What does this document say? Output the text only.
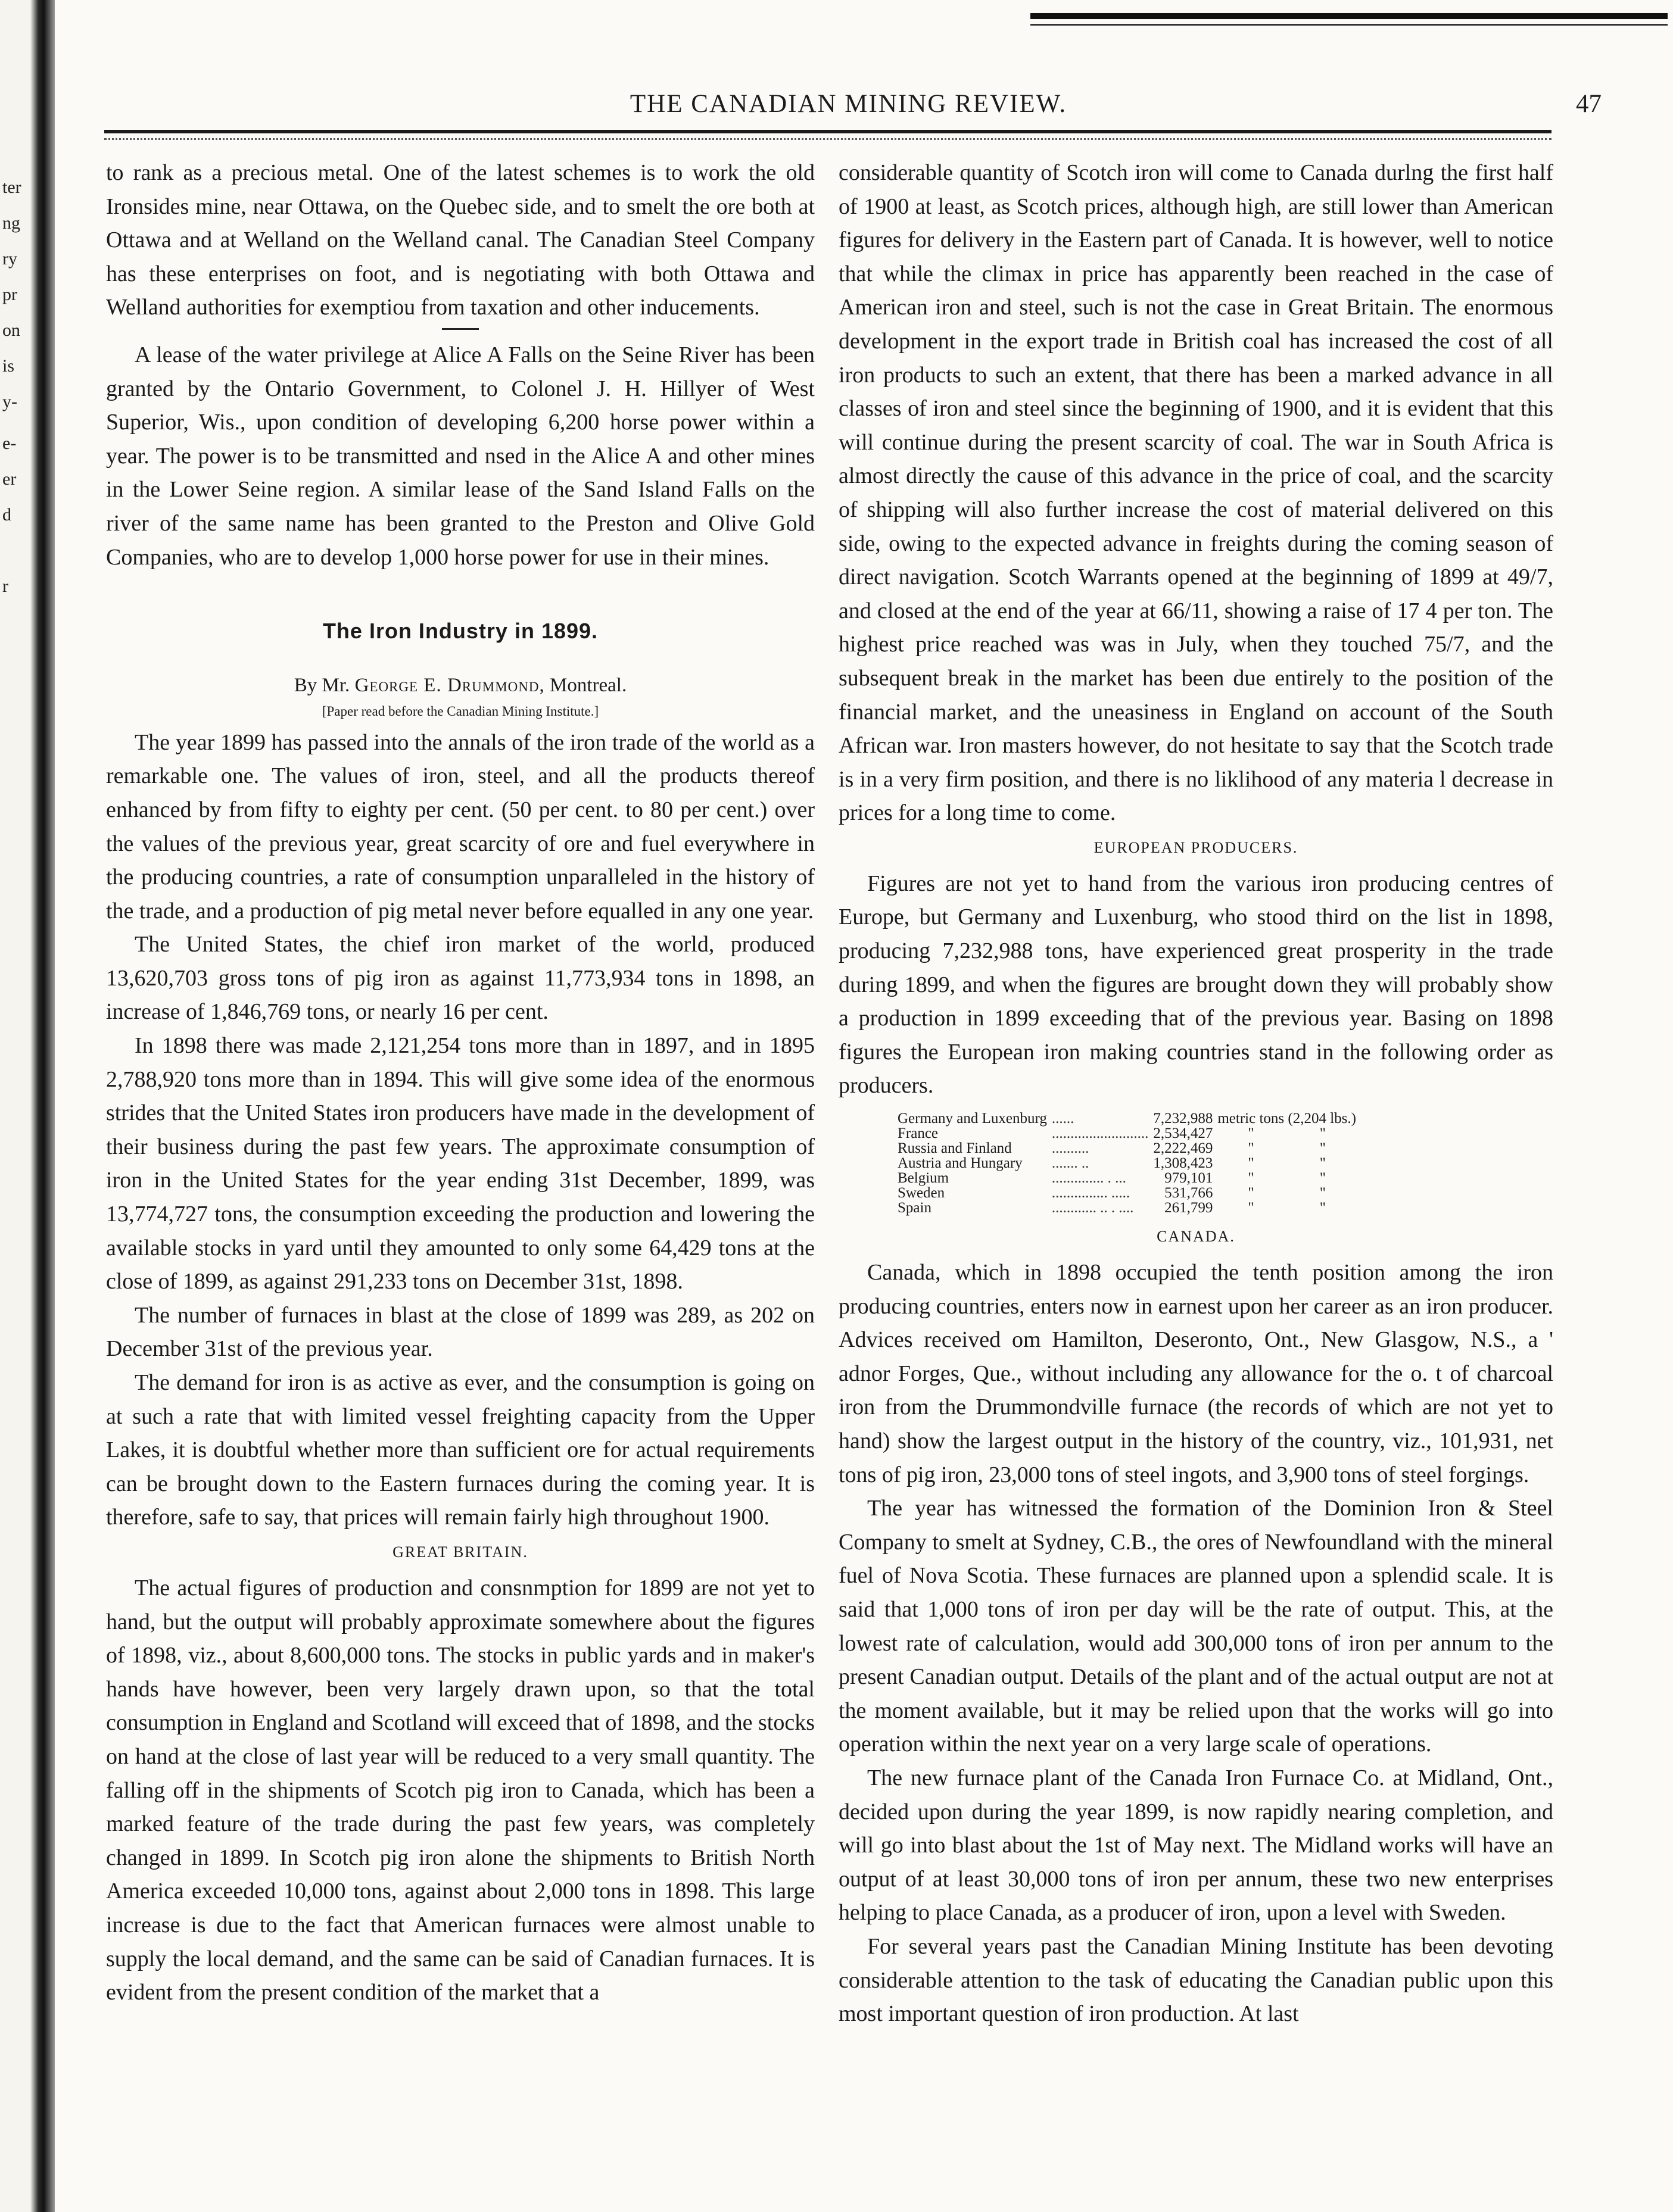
ter
ng
ry
pr
on
is
y-
e-
er
d
r
THE CANADIAN MINING REVIEW.	47

to rank as a precious metal. One of the latest schemes is to work the old Ironsides mine, near Ottawa, on the Quebec side, and to smelt the ore both at Ottawa and at Welland on the Welland canal. The Canadian Steel Company has these enterprises on foot, and is negotiating with both Ottawa and Welland authorities for exemptiou from taxation and other inducements.

A lease of the water privilege at Alice A Falls on the Seine River has been granted by the Ontario Government, to Colonel J. H. Hillyer of West Superior, Wis., upon condition of developing 6,200 horse power within a year. The power is to be transmitted and nsed in the Alice A and other mines in the Lower Seine region. A similar lease of the Sand Island Falls on the river of the same name has been granted to the Preston and Olive Gold Companies, who are to develop 1,000 horse power for use in their mines.

The Iron Industry in 1899.
By Mr. George E. Drummond, Montreal.
[Paper read before the Canadian Mining Institute.]

The year 1899 has passed into the annals of the iron trade of the world as a remarkable one. The values of iron, steel, and all the products thereof enhanced by from fifty to eighty per cent. (50 per cent. to 80 per cent.) over the values of the previous year, great scarcity of ore and fuel everywhere in the producing countries, a rate of consumption unparalleled in the history of the trade, and a production of pig metal never before equalled in any one year.

The United States, the chief iron market of the world, produced 13,620,703 gross tons of pig iron as against 11,773,934 tons in 1898, an increase of 1,846,769 tons, or nearly 16 per cent.

In 1898 there was made 2,121,254 tons more than in 1897, and in 1895 2,788,920 tons more than in 1894. This will give some idea of the enormous strides that the United States iron producers have made in the development of their business during the past few years. The approximate consumption of iron in the United States for the year ending 31st December, 1899, was 13,774,727 tons, the consumption exceeding the production and lowering the available stocks in yard until they amounted to only some 64,429 tons at the close of 1899, as against 291,233 tons on December 31st, 1898.

The number of furnaces in blast at the close of 1899 was 289, as 202 on December 31st of the previous year.

The demand for iron is as active as ever, and the consumption is going on at such a rate that with limited vessel freighting capacity from the Upper Lakes, it is doubtful whether more than sufficient ore for actual requirements can be brought down to the Eastern furnaces during the coming year. It is therefore, safe to say, that prices will remain fairly high throughout 1900.

GREAT BRITAIN.

The actual figures of production and consnmption for 1899 are not yet to hand, but the output will probably approximate somewhere about the figures of 1898, viz., about 8,600,000 tons. The stocks in public yards and in maker's hands have however, been very largely drawn upon, so that the total consumption in England and Scotland will exceed that of 1898, and the stocks on hand at the close of last year will be reduced to a very small quantity. The falling off in the shipments of Scotch pig iron to Canada, which has been a marked feature of the trade during the past few years, was completely changed in 1899. In Scotch pig iron alone the shipments to British North America exceeded 10,000 tons, against about 2,000 tons in 1898. This large increase is due to the fact that American furnaces were almost unable to supply the local demand, and the same can be said of Canadian furnaces. It is evident from the present condition of the market that a

considerable quantity of Scotch iron will come to Canada durlng the first half of 1900 at least, as Scotch prices, although high, are still lower than American figures for delivery in the Eastern part of Canada. It is however, well to notice that while the climax in price has apparently been reached in the case of American iron and steel, such is not the case in Great Britain. The enormous development in the export trade in British coal has increased the cost of all iron products to such an extent, that there has been a marked advance in all classes of iron and steel since the beginning of 1900, and it is evident that this will continue during the present scarcity of coal. The war in South Africa is almost directly the cause of this advance in the price of coal, and the scarcity of shipping will also further increase the cost of material delivered on this side, owing to the expected advance in freights during the coming season of direct navigation. Scotch Warrants opened at the beginning of 1899 at 49/7, and closed at the end of the year at 66/11, showing a raise of 17 4 per ton. The highest price reached was was in July, when they touched 75/7, and the subsequent break in the market has been due entirely to the position of the financial market, and the uneasiness in England on account of the South African war. Iron masters however, do not hesitate to say that the Scotch trade is in a very firm position, and there is no liklihood of any materia l decrease in prices for a long time to come.

EUROPEAN PRODUCERS.

Figures are not yet to hand from the various iron producing centres of Europe, but Germany and Luxenburg, who stood third on the list in 1898, producing 7,232,988 tons, have experienced great prosperity in the trade during 1899, and when the figures are brought down they will probably show a production in 1899 exceeding that of the previous year. Basing on 1898 figures the European iron making countries stand in the following order as producers.

Germany and Luxenburg	......	7,232,988	metric tons (2,204 lbs.)	
France	..........................	2,534,427	"	"
Russia and Finland	..........	2,222,469	"	"
Austria and Hungary	....... ..	1,308,423	"	"
Belgium	.............. . ...	979,101	"	"
Sweden	............... .....	531,766	"	"
Spain	............ .. . ....	261,799	"	"
CANADA.

Canada, which in 1898 occupied the tenth position among the iron producing countries, enters now in earnest upon her career as an iron producer. Advices received om Hamilton, Deseronto, Ont., New Glasgow, N.S., a ' adnor Forges, Que., without including any allowance for the o. t of charcoal iron from the Drummondville furnace (the records of which are not yet to hand) show the largest output in the history of the country, viz., 101,931, net tons of pig iron, 23,000 tons of steel ingots, and 3,900 tons of steel forgings.

The year has witnessed the formation of the Dominion Iron & Steel Company to smelt at Sydney, C.B., the ores of Newfoundland with the mineral fuel of Nova Scotia. These furnaces are planned upon a splendid scale. It is said that 1,000 tons of iron per day will be the rate of output. This, at the lowest rate of calculation, would add 300,000 tons of iron per annum to the present Canadian output. Details of the plant and of the actual output are not at the moment available, but it may be relied upon that the works will go into operation within the next year on a very large scale of operations.

The new furnace plant of the Canada Iron Furnace Co. at Midland, Ont., decided upon during the year 1899, is now rapidly nearing completion, and will go into blast about the 1st of May next. The Midland works will have an output of at least 30,000 tons of iron per annum, these two new enterprises helping to place Canada, as a producer of iron, upon a level with Sweden.

For several years past the Canadian Mining Institute has been devoting considerable attention to the task of educating the Canadian public upon this most important question of iron production. At last
